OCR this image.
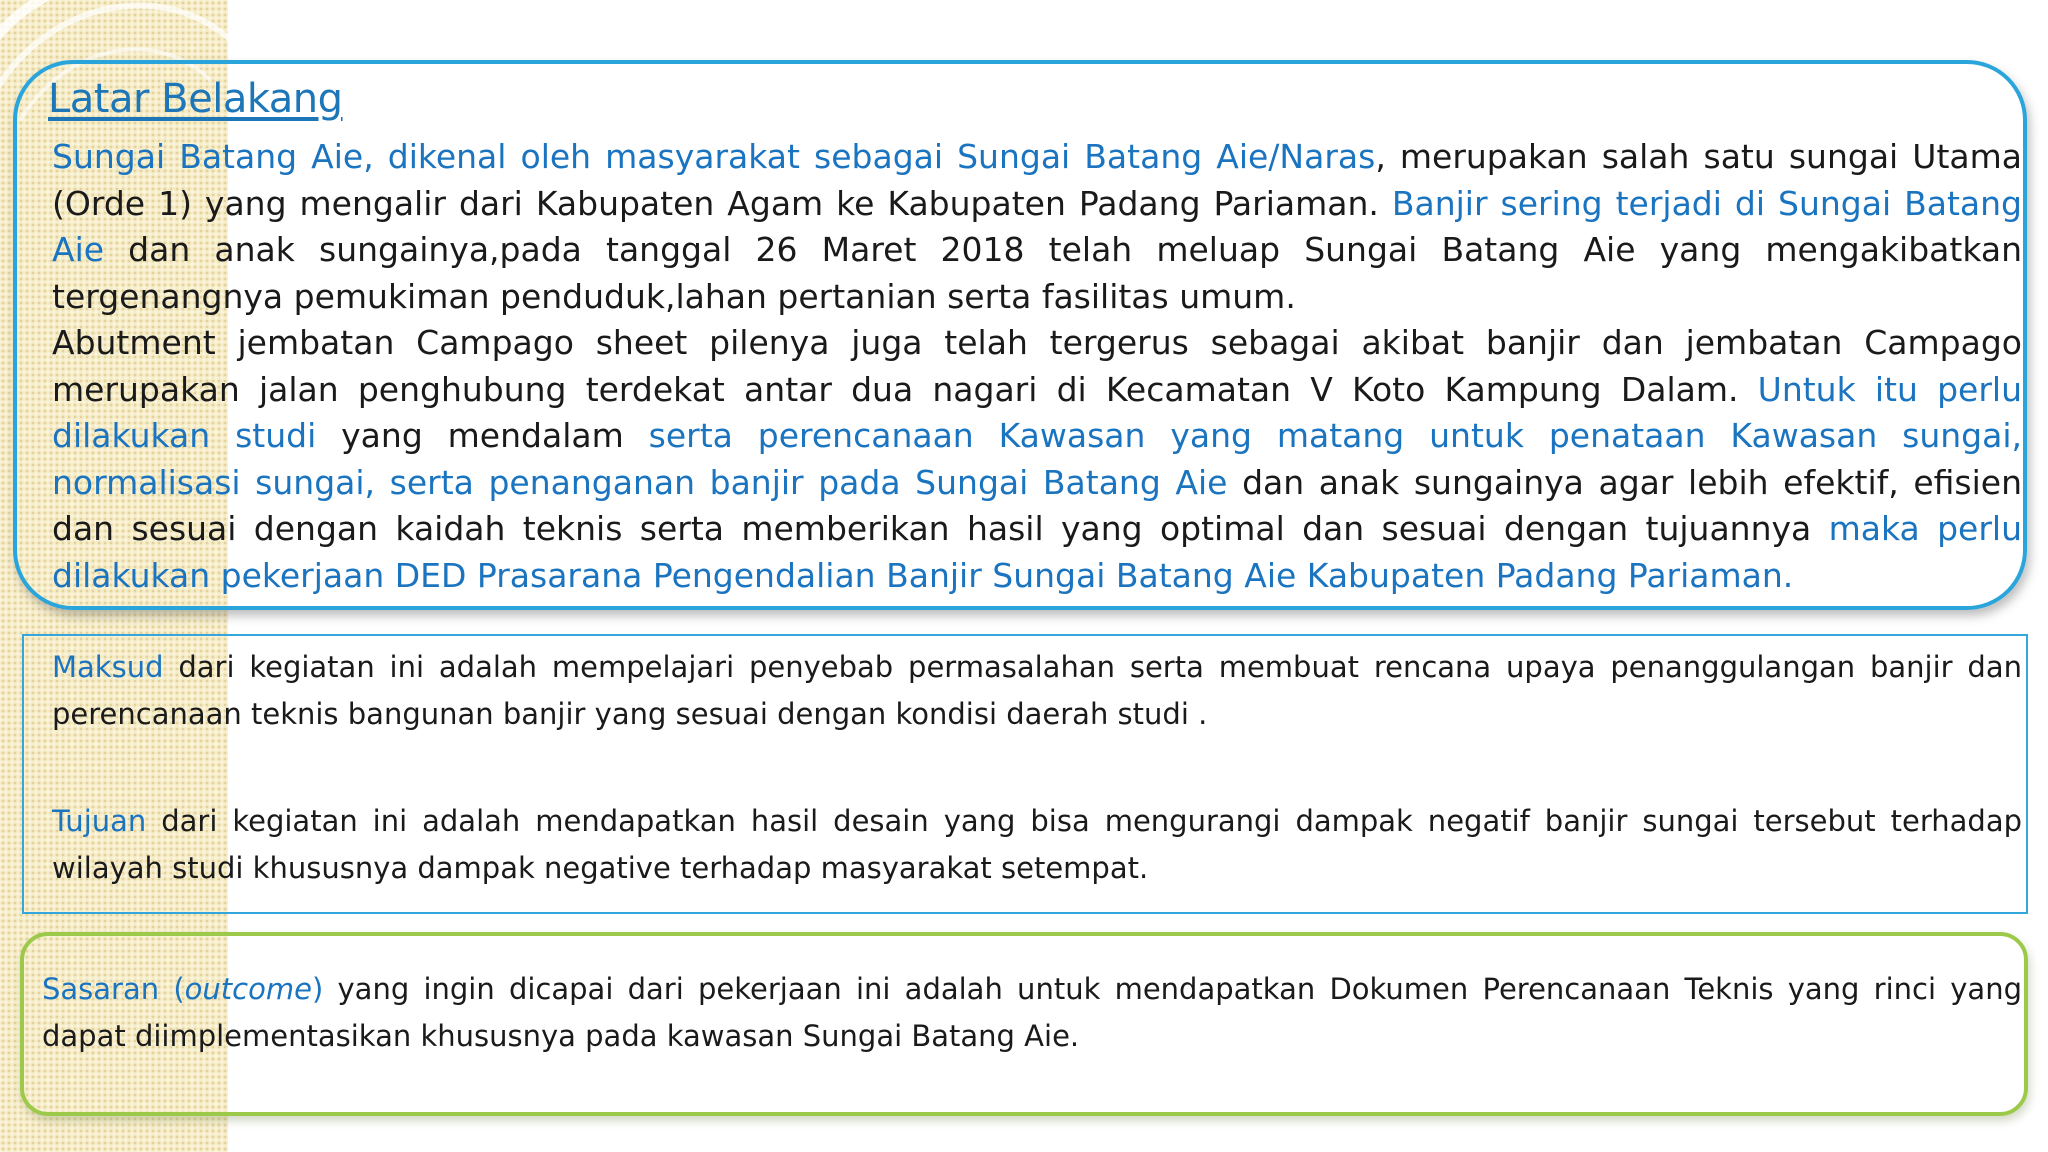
Latar Belakang

Sungai Batang Aie, dikenal oleh masyarakat sebagai Sungai Batang Aie/Naras, merupakan salah satu sungai Utama (Orde 1) yang mengalir dari Kabupaten Agam ke Kabupaten Padang Pariaman. Banjir sering terjadi di Sungai Batang Aie dan anak sungainya,pada tanggal 26 Maret 2018 telah meluap Sungai Batang Aie yang mengakibatkan tergenangnya pemukiman penduduk,lahan pertanian serta fasilitas umum.

Abutment jembatan Campago sheet pilenya juga telah tergerus sebagai akibat banjir dan jembatan Campago merupakan jalan penghubung terdekat antar dua nagari di Kecamatan V Koto Kampung Dalam. Untuk itu perlu dilakukan studi yang mendalam serta perencanaan Kawasan yang matang untuk penataan Kawasan sungai, normalisasi sungai, serta penanganan banjir pada Sungai Batang Aie dan anak sungainya agar lebih efektif, efisien dan sesuai dengan kaidah teknis serta memberikan hasil yang optimal dan sesuai dengan tujuannya maka perlu dilakukan pekerjaan DED Prasarana Pengendalian Banjir Sungai Batang Aie Kabupaten Padang Pariaman.

Maksud dari kegiatan ini adalah mempelajari penyebab permasalahan serta membuat rencana upaya penanggulangan banjir dan perencanaan teknis bangunan banjir yang sesuai dengan kondisi daerah studi .

Tujuan dari kegiatan ini adalah mendapatkan hasil desain yang bisa mengurangi dampak negatif banjir sungai tersebut terhadap wilayah studi khususnya dampak negative terhadap masyarakat setempat.

Sasaran (outcome) yang ingin dicapai dari pekerjaan ini adalah untuk mendapatkan Dokumen Perencanaan Teknis yang rinci yang dapat diimplementasikan khususnya pada kawasan Sungai Batang Aie.
